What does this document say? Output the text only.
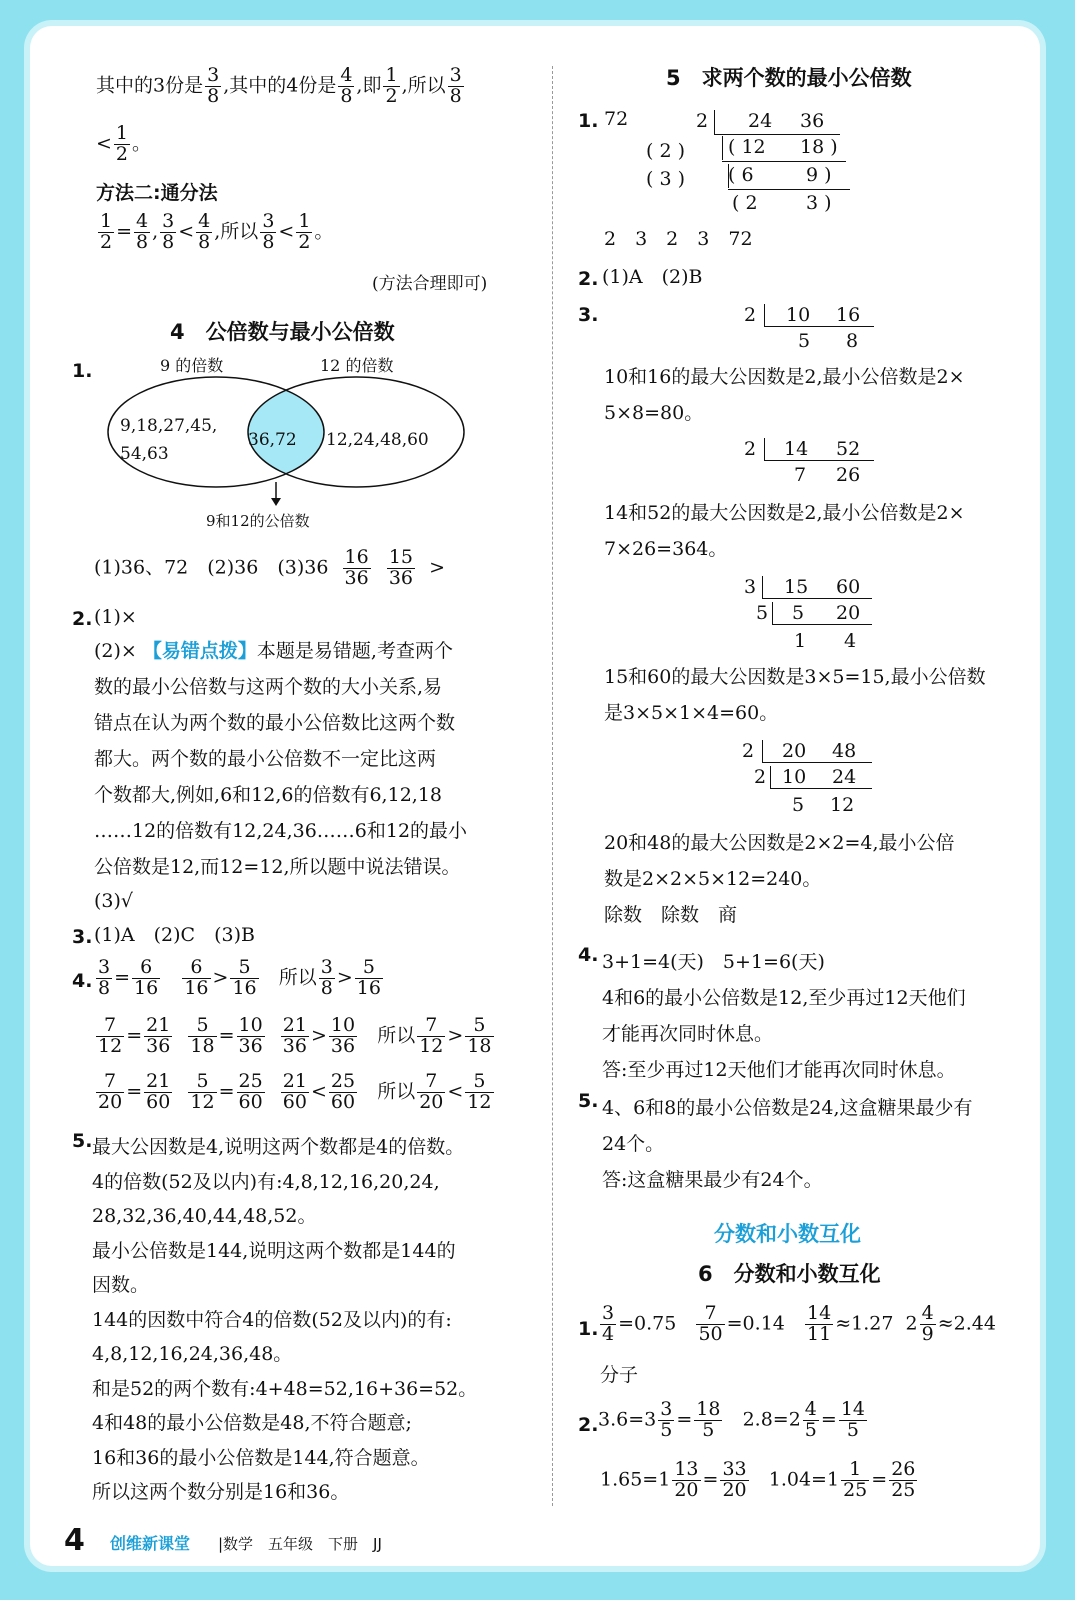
其中的3份是 $\frac{3}{8}$ ,其中的4份是 $\frac{4}{8}$ ,即 $\frac{1}{2}$ ,所以 $\frac{3}{8}$
< $\frac{1}{2}$ 。
方法二:通分法
$\frac{1}{2} = \frac{4}{8}$ , $\frac{3}{8} < \frac{4}{8}$ ,所以 $\frac{3}{8} < \frac{1}{2}$ 。
(方法合理即可)
4　公倍数与最小公倍数
1.	9 的倍数	12 的倍数
9,18,27,45,
54,63
36,72 12,24,48,60
9和12的公倍数
(1)36、72　(2)36　$(3)36 \frac{16}{36}$
$\frac{15}{36}$ >
2. (1)×
(2)× 【易错点拨】本题是易错题,考查两个
数的最小公倍数与这两个数的大小关系,易
错点在认为两个数的最小公倍数比这两个数
都大。两个数的最小公倍数不一定比这两
个数都大,例如,6和12,6的倍数有6,12,18
……12的倍数有12,24,36……6和12的最小
公倍数是12,而12=12,所以题中说法错误。
(3)√
3. (1)A　(2)C　(3)B
4. $\frac{3}{8} = \frac{6}{16}$
$\frac{6}{16} > \frac{5}{16}$ 所以 $\frac{3}{8} > \frac{5}{16}$
$\frac{7}{12} = \frac{21}{36}$
$\frac{5}{18} = \frac{10}{36}$
$\frac{21}{36} > \frac{10}{36}$ 所以 $\frac{7}{12} > \frac{5}{18}$
$\frac{7}{20} = \frac{21}{60}$
$\frac{5}{12} = \frac{25}{60}$
$\frac{21}{60} < \frac{25}{60}$ 所以 $\frac{7}{20} < \frac{5}{12}$
5. 最大公因数是4,说明这两个数都是4的倍数。
4的倍数(52及以内)有:4,8,12,16,20,24,
28,32,36,40,44,48,52。
最小公倍数是144,说明这两个数都是144的
因数。
144的因数中符合4的倍数(52及以内)的有:
4,8,12,16,24,36,48。
和是52的两个数有:4+48=52,16+36=52。
4和48的最小公倍数是48,不符合题意;
16和36的最小公倍数是144,符合题意。
所以这两个数分别是16和36。
5　求两个数的最小公倍数
1. 72	2 24 36
( 2 ) ( 12 18 )
( 3 ) ( 6	9 )
( 2	3 )
2　3　2　3　72
2. (1)A　(2)B
3.	2 10 16
5 8
10和16的最大公因数是2,最小公倍数是2×
5×8=80。
2 14 52
7 26
14和52的最大公因数是2,最小公倍数是2×
7×26=364。
3 15 60
5 5 20
1 4
15和60的最大公因数是3×5=15,最小公倍数
是3×5×1×4=60。
2 20 48
2 10 24
5 12
20和48的最大公因数是2×2=4,最小公倍
数是2×2×5×12=240。
除数　除数　商
4. 3+1=4(天)　5+1=6(天)
4和6的最小公倍数是12,至少再过12天他们
才能再次同时休息。
答:至少再过12天他们才能再次同时休息。
5. 4、6和8的最小公倍数是24,这盒糖果最少有
24个。
答:这盒糖果最少有24个。
分数和小数互化
6　分数和小数互化
1. $\frac{3}{4} =0.75 \frac{7}{50} =0.14 \frac{14}{11} \approx 1.27$ $2 \frac{4}{9} \approx 2.44$
分子
2. $3.6=3 \frac{3}{5} = \frac{18}{5} 2.8=2 \frac{4}{5} = \frac{14}{5}$
$1.65=1 \frac{13}{20} = \frac{33}{20} 1.04=1 \frac{1}{25} = \frac{26}{25}$
4 创维新课堂 |数学　五年级　下册　JJ
